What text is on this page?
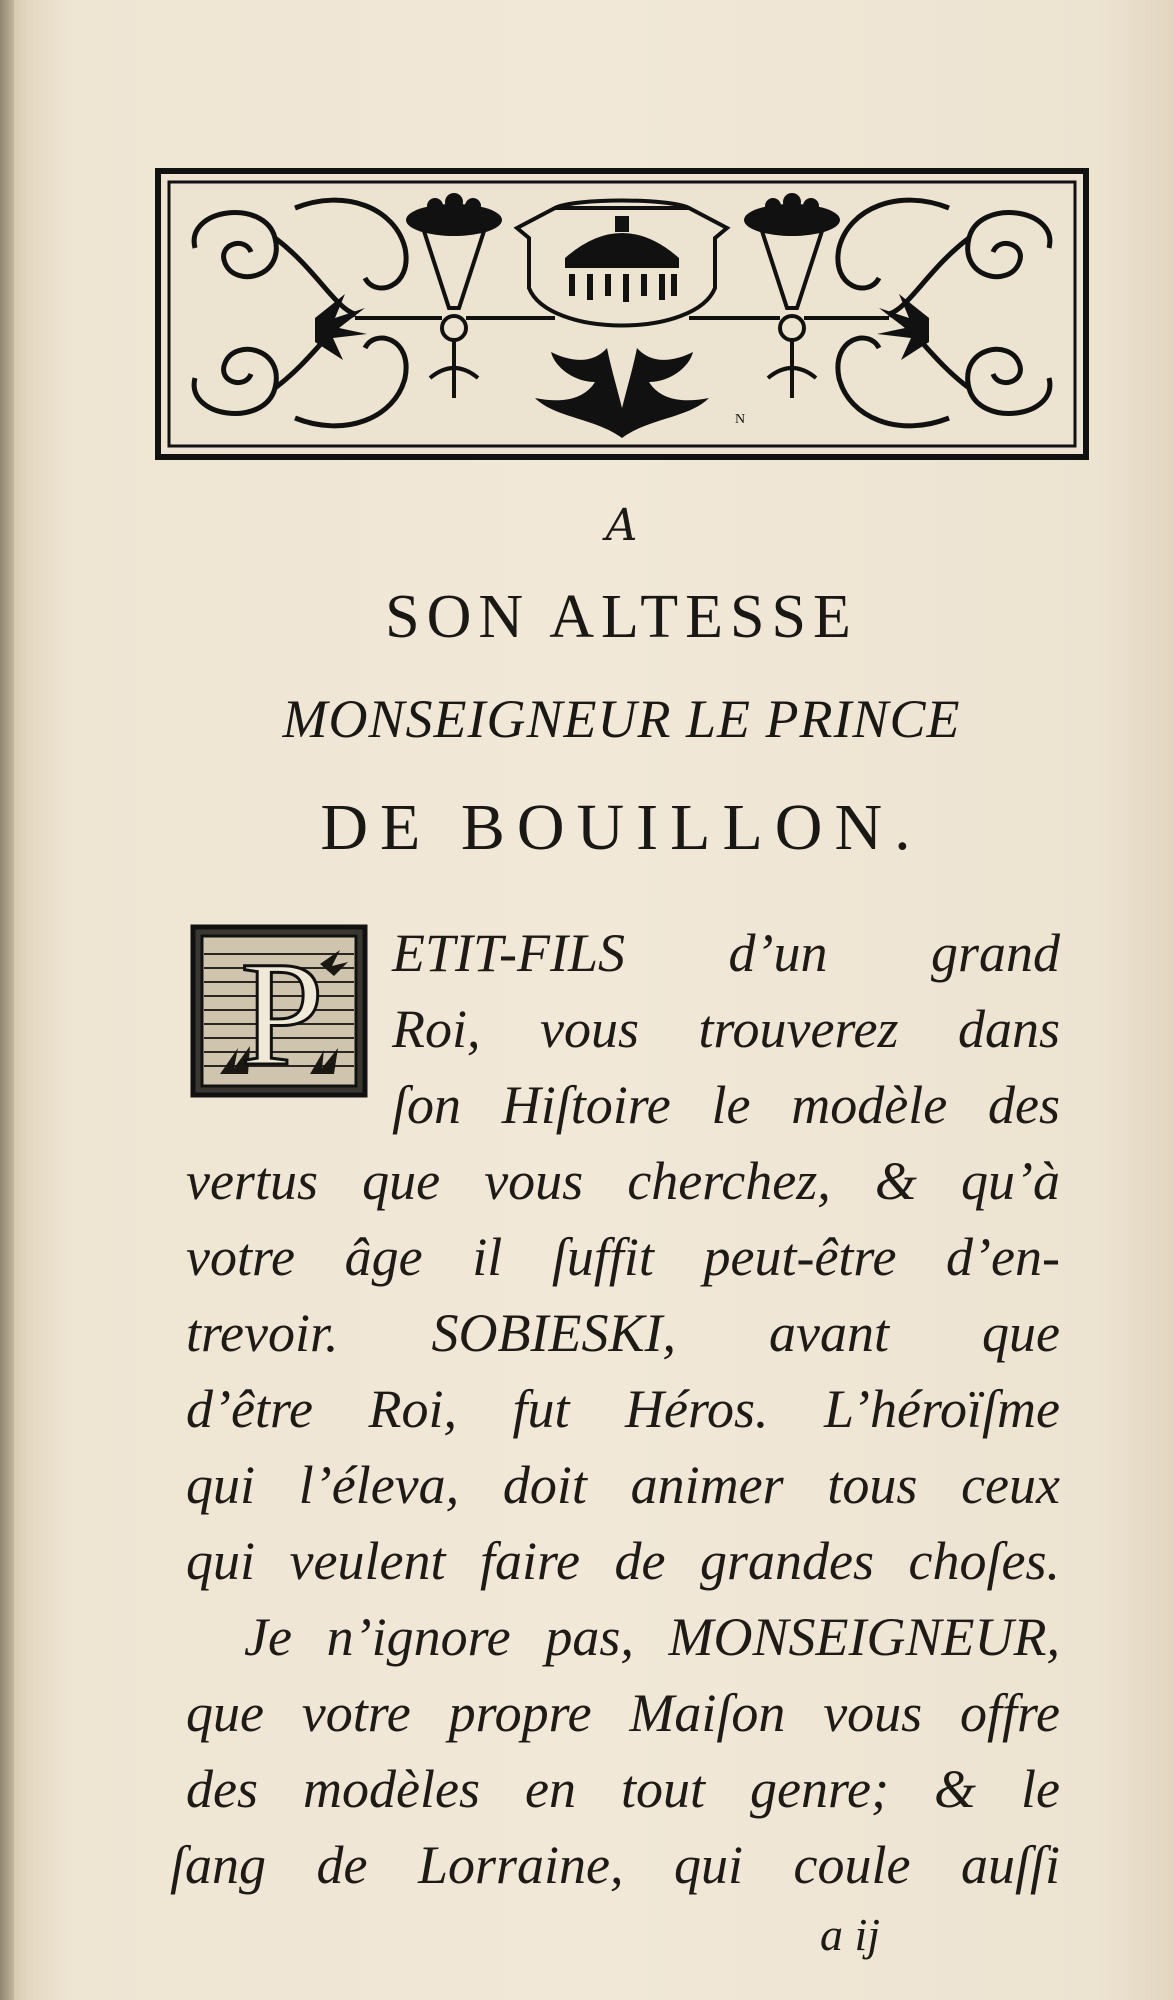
N
A
SON ALTESSE
MONSEIGNEUR LE PRINCE
DE BOUILLON.
P ETIT-FILS d’un grand
Roi, vous trouverez dans
ſon Hiſtoire le modèle des
vertus que vous cherchez, & qu’à
votre âge il ſuffit peut-être d’en-
trevoir. SOBIESKI, avant que
d’être Roi, fut Héros. L’héroïſme
qui l’éleva, doit animer tous ceux
qui veulent faire de grandes choſes.
Je n’ignore pas, MONSEIGNEUR,
que votre propre Maiſon vous offre
des modèles en tout genre; & le
ſang de Lorraine, qui coule auſſi
a ij
